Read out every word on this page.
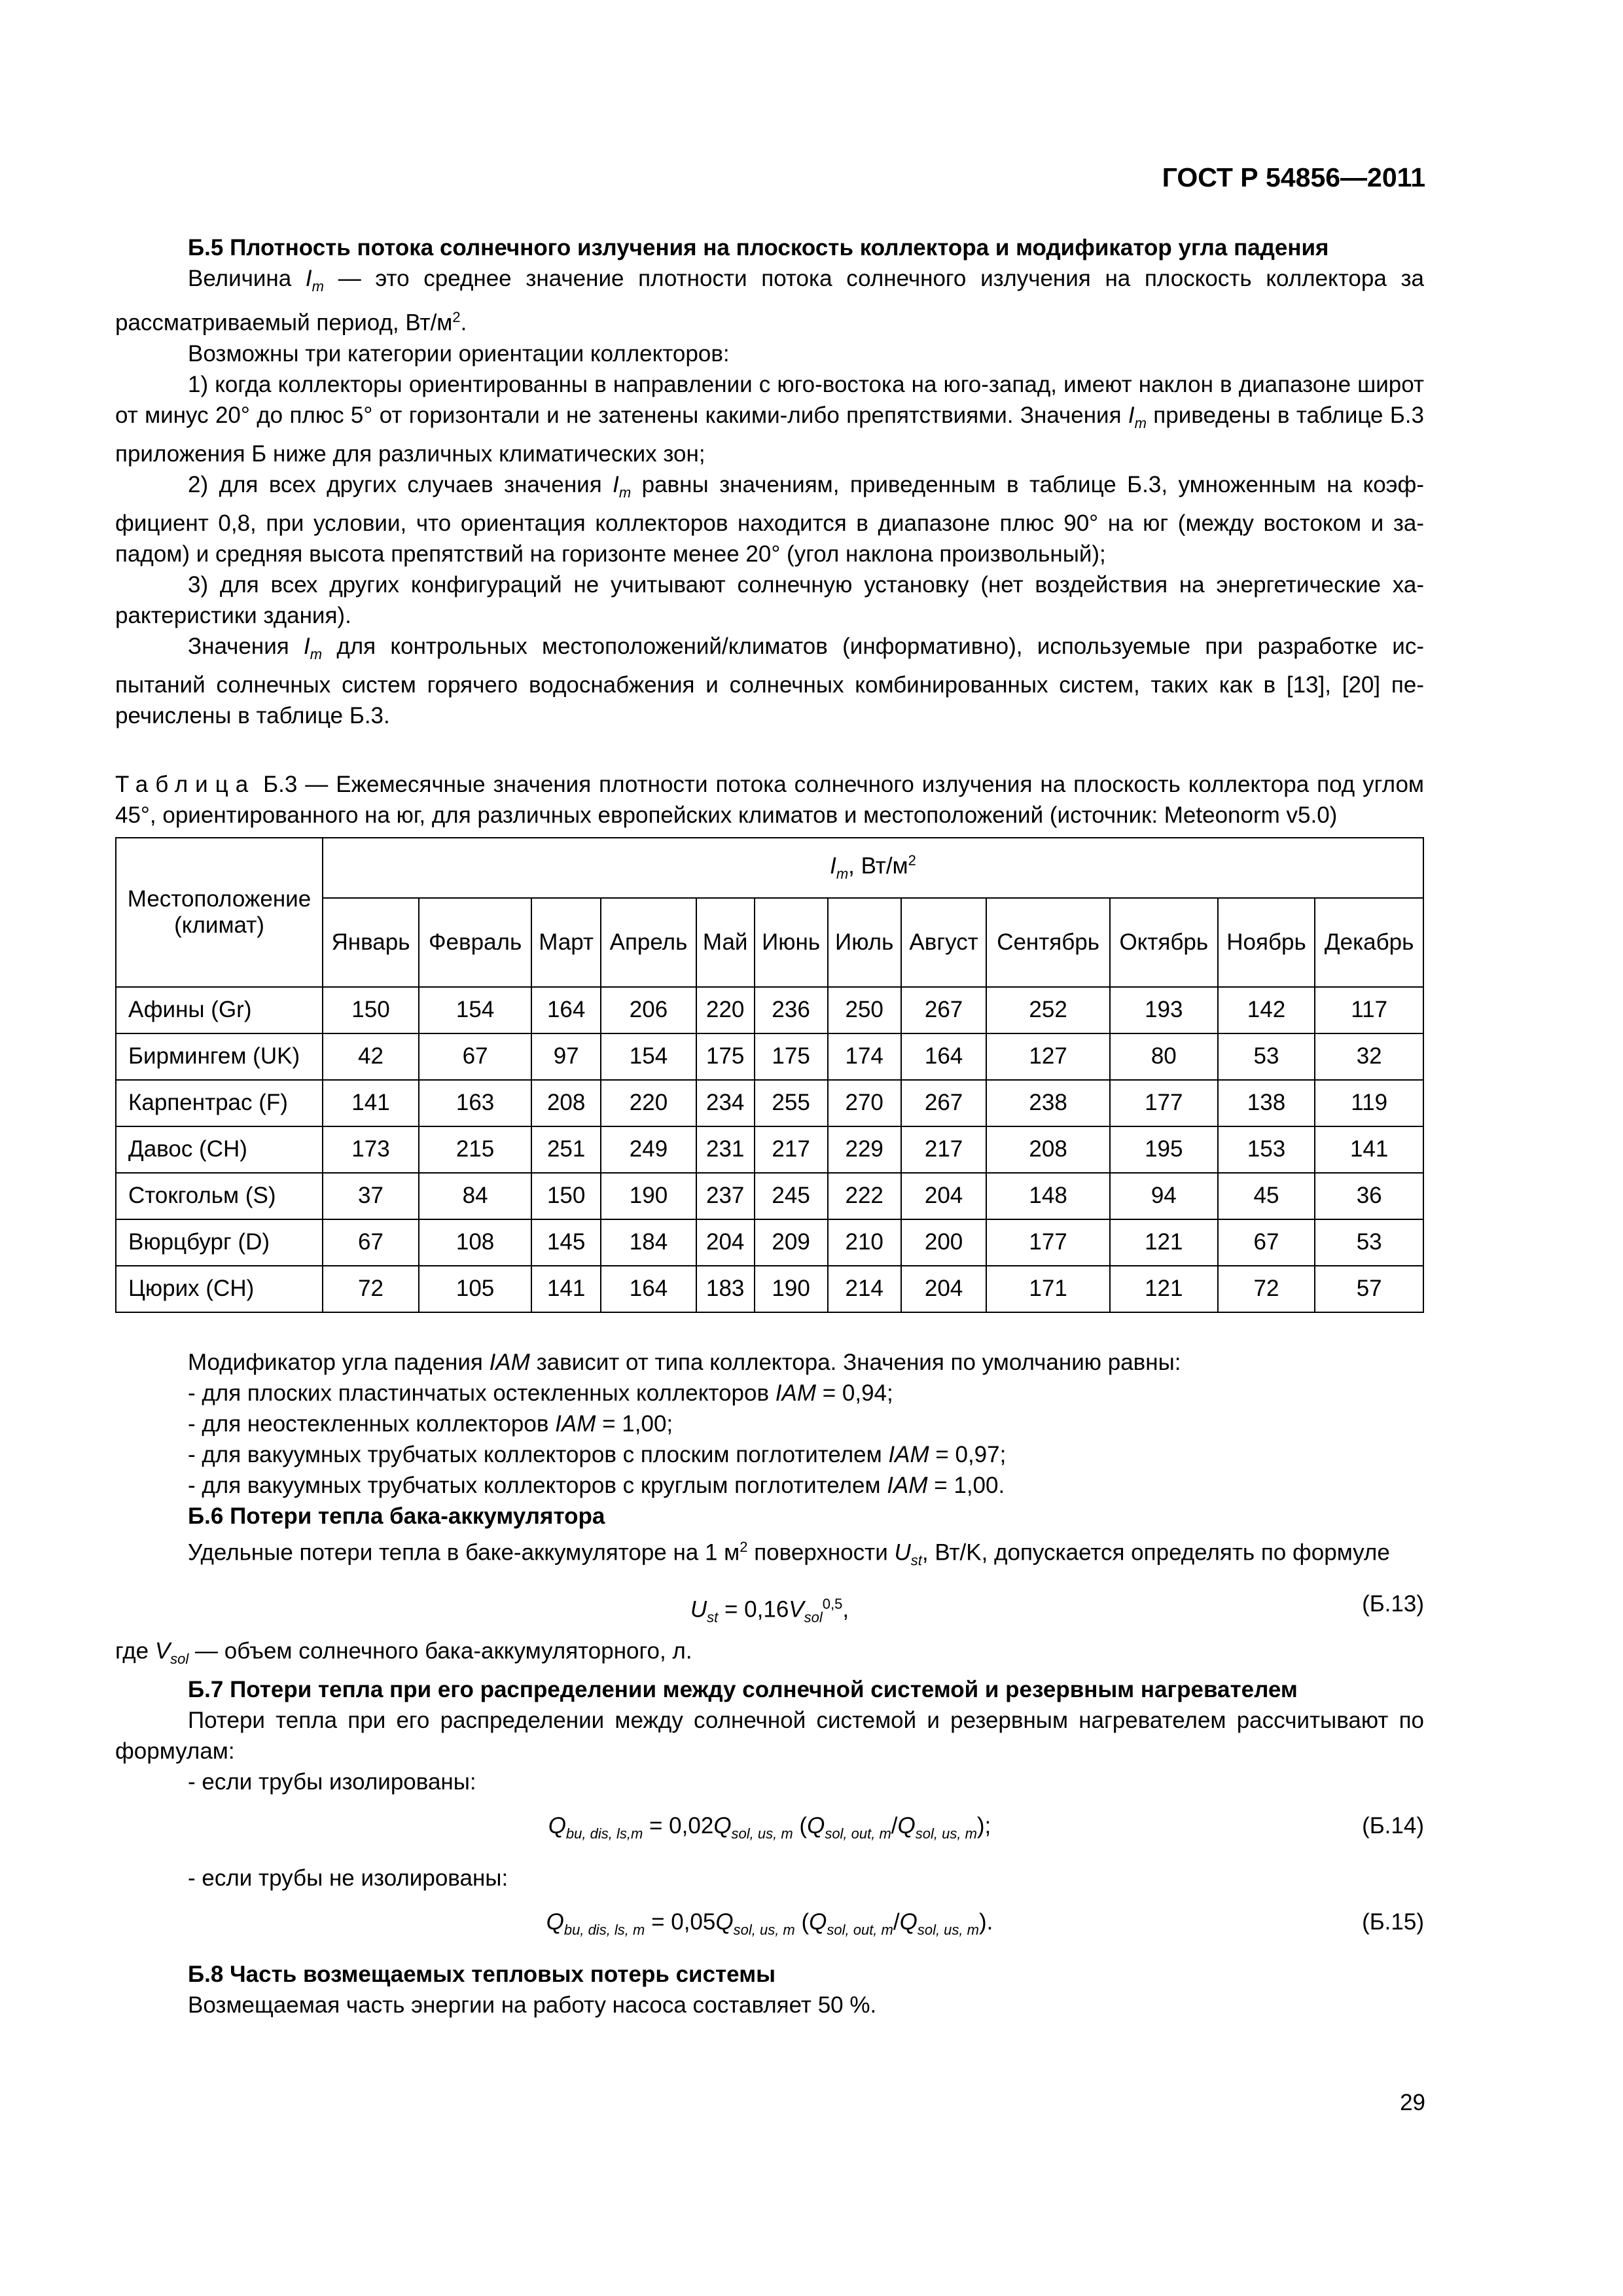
ГОСТ Р 54856—2011

Б.5 Плотность потока солнечного излучения на плоскость коллектора и модификатор угла падения

Величина $I_m$ — это среднее значение плотности потока солнечного излучения на плоскость коллектора за рассматриваемый период, $Вт/м^2$.

Возможны три категории ориентации коллекторов:

1) когда коллекторы ориентированны в направлении с юго-востока на юго-запад, имеют наклон в диапазоне широт от минус 20° до плюс 5° от горизонтали и не затенены какими-либо препятствиями. Значения $I_m$ приведены в таблице Б.3 приложения Б ниже для различных климатических зон;

2) для всех других случаев значения $I_m$ равны значениям, приведенным в таблице Б.3, умноженным на коэффициент 0,8, при условии, что ориентация коллекторов находится в диапазоне плюс 90° на юг (между востоком и западом) и средняя высота препятствий на горизонте менее 20° (угол наклона произвольный);

3) для всех других конфигураций не учитывают солнечную установку (нет воздействия на энергетические характеристики здания).

Значения $I_m$ для контрольных местоположений/климатов (информативно), используемые при разработке испытаний солнечных систем горячего водоснабжения и солнечных комбинированных систем, таких как в [13], [20] перечислены в таблице Б.3.

Таблица Б.3 — Ежемесячные значения плотности потока солнечного излучения на плоскость коллектора под углом 45°, ориентированного на юг, для различных европейских климатов и местоположений (источник: Meteonorm v5.0)

Местоположение (климат)	$I_m$, $Вт/м^2$
	Январь	Февраль	Март	Апрель	Май	Июнь	Июль	Август	Сентябрь	Октябрь	Ноябрь	Декабрь
Афины (Gr)	150	154	164	206	220	236	250	267	252	193	142	117
Бирмингем (UK)	42	67	97	154	175	175	174	164	127	80	53	32
Карпентрас (F)	141	163	208	220	234	255	270	267	238	177	138	119
Давос (CH)	173	215	251	249	231	217	229	217	208	195	153	141
Стокгольм (S)	37	84	150	190	237	245	222	204	148	94	45	36
Вюрцбург (D)	67	108	145	184	204	209	210	200	177	121	67	53
Цюрих (CH)	72	105	141	164	183	190	214	204	171	121	72	57

Модификатор угла падения IAM зависит от типа коллектора. Значения по умолчанию равны:

- для плоских пластинчатых остекленных коллекторов IAM = 0,94;
- для неостекленных коллекторов IAM = 1,00;
- для вакуумных трубчатых коллекторов с плоским поглотителем IAM = 0,97;
- для вакуумных трубчатых коллекторов с круглым поглотителем IAM = 1,00.

Б.6 Потери тепла бака-аккумулятора

Удельные потери тепла в баке-аккумуляторе на 1 $м^2$ поверхности $U_{st}$, Вт/K, допускается определять по формуле

$U_{st} = 0,16V_{sol}^{0,5}$,	(Б.13)

где $V_{sol}$ — объем солнечного бака-аккумуляторного, л.

Б.7 Потери тепла при его распределении между солнечной системой и резервным нагревателем

Потери тепла при его распределении между солнечной системой и резервным нагревателем рассчитывают по формулам:

- если трубы изолированы:

$Q_{bu, dis, ls,m} = 0,02Q_{sol, us, m}$ $(Q_{sol, out, m}/Q_{sol, us, m})$;	(Б.14)

- если трубы не изолированы:

$Q_{bu, dis, ls, m} = 0,05Q_{sol, us, m}$ $(Q_{sol, out, m}/Q_{sol, us, m})$.	(Б.15)

Б.8 Часть возмещаемых тепловых потерь системы

Возмещаемая часть энергии на работу насоса составляет 50 %.

29
